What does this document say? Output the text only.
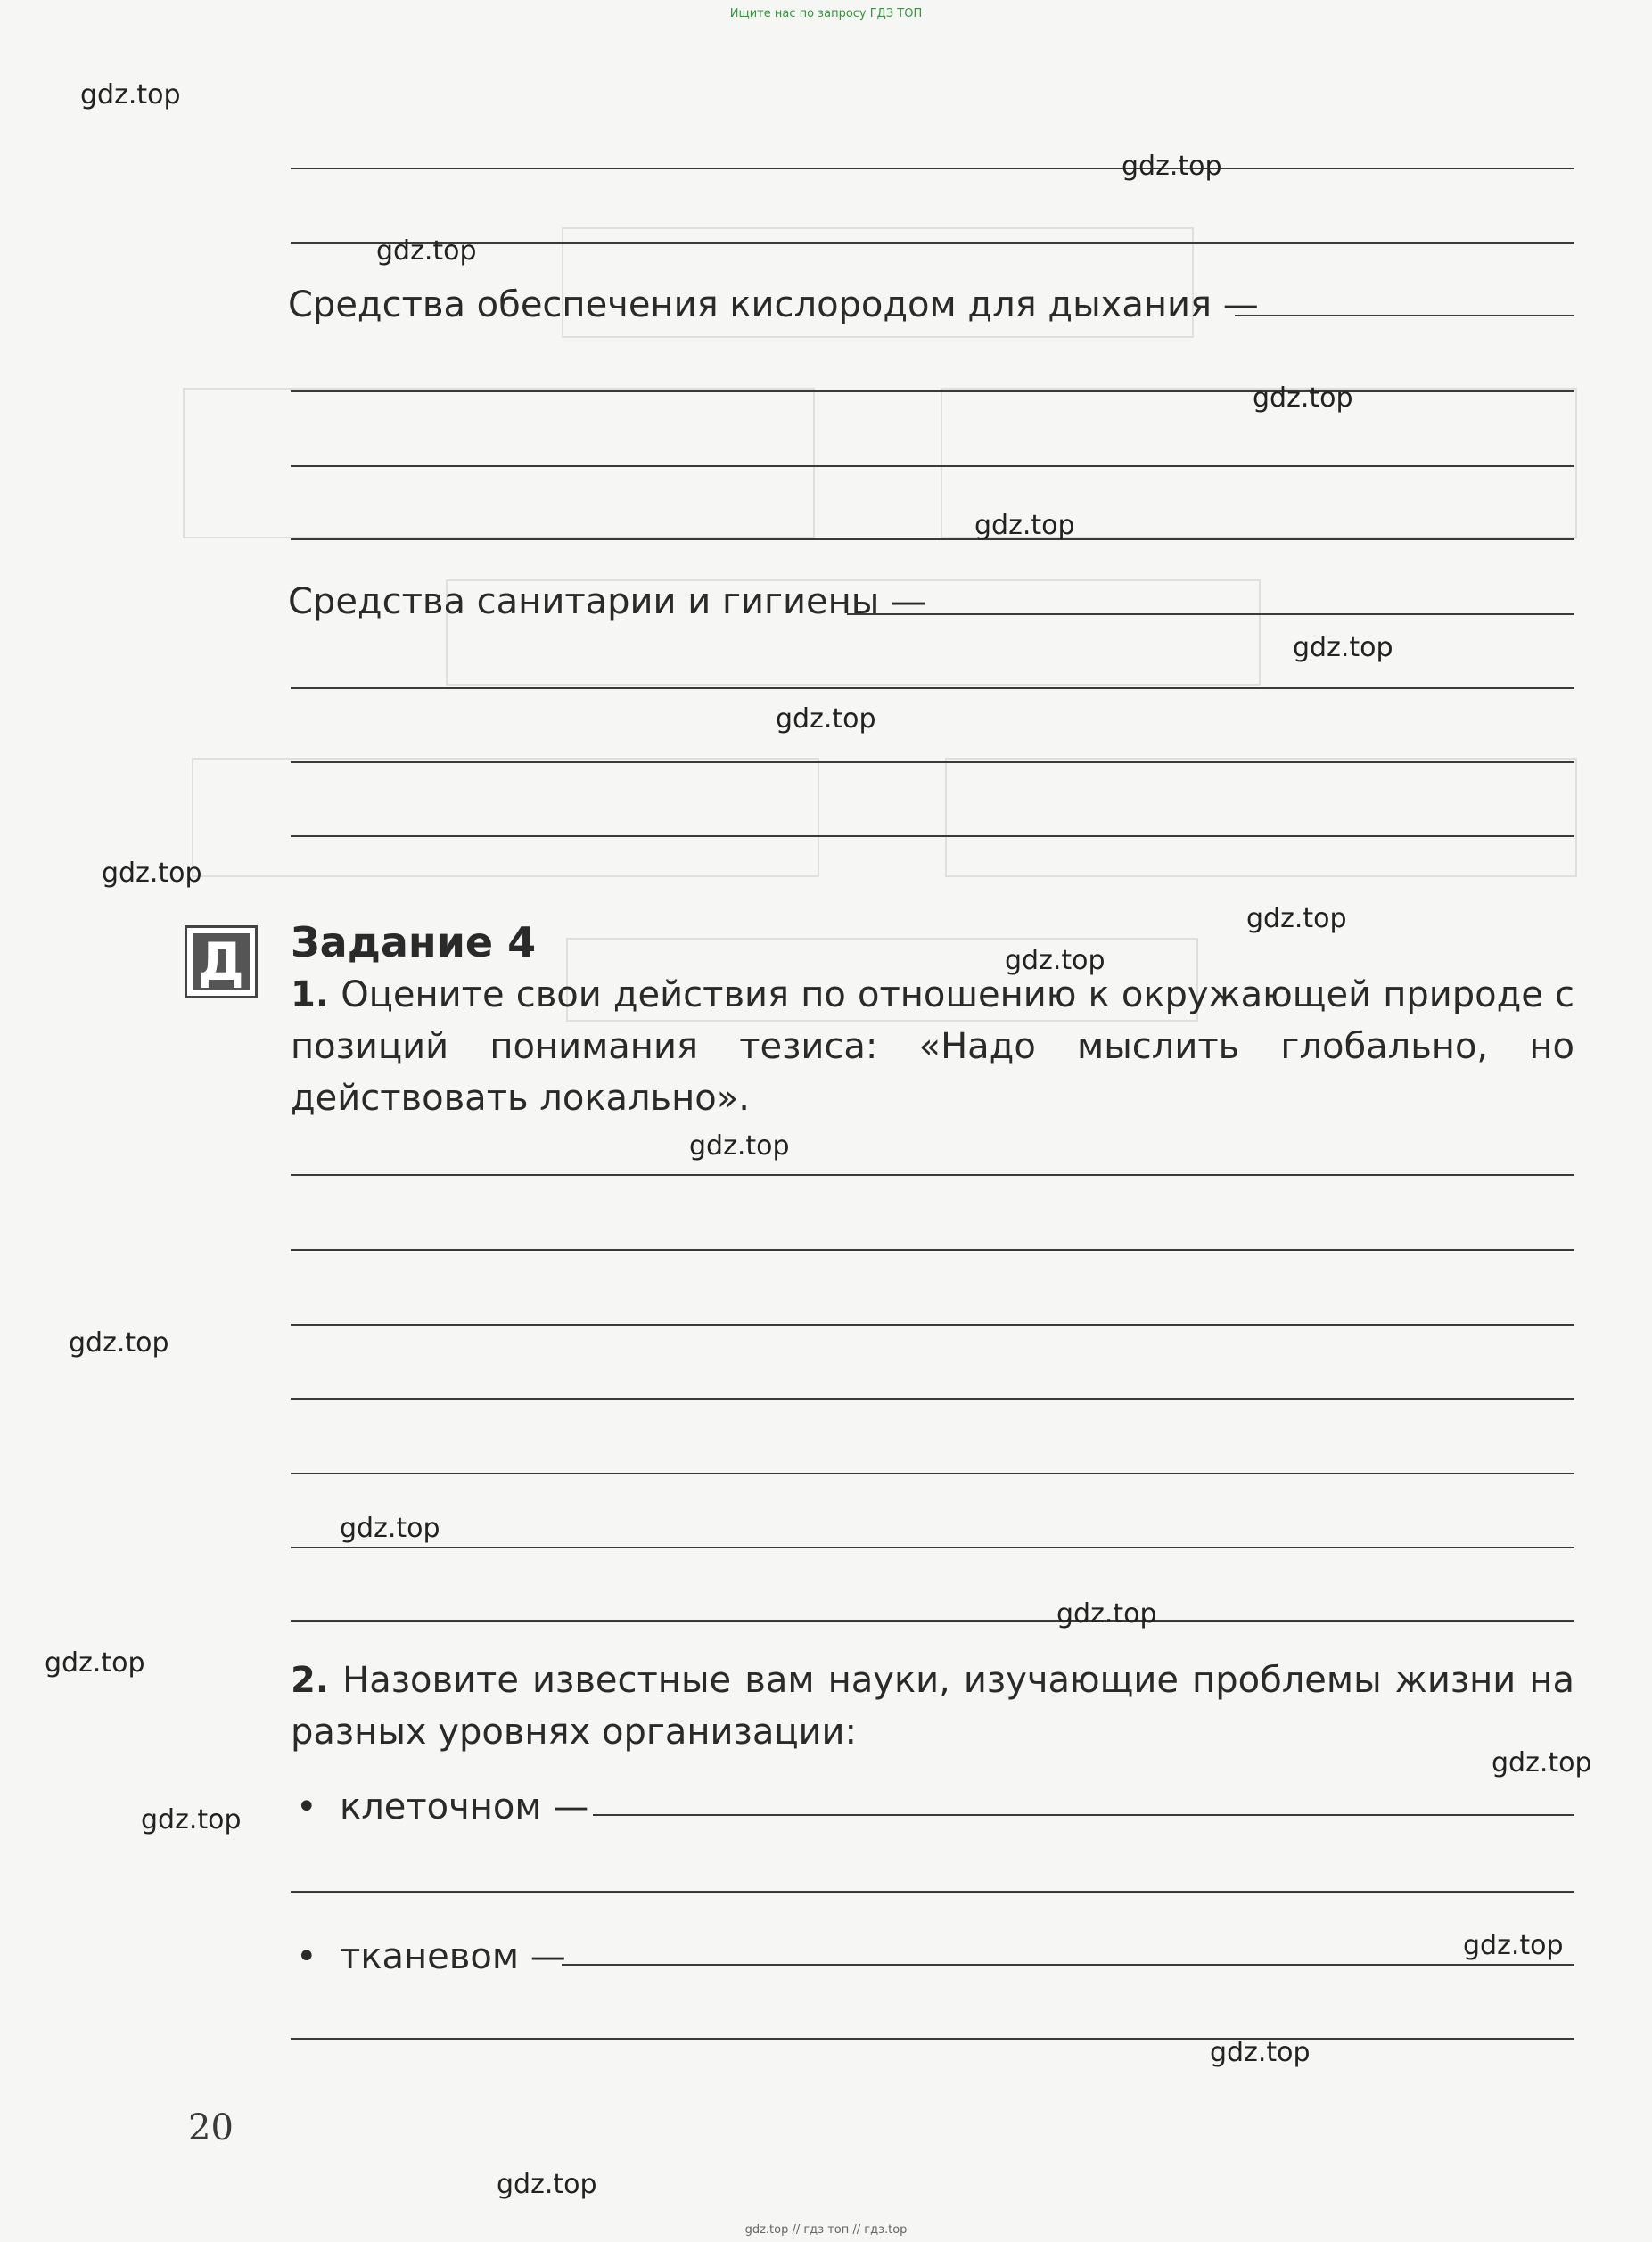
Ищите нас по запросу ГДЗ ТОП
gdz.top // гдз топ // гдз.top
Средства обеспечения кислородом для дыхания —
Средства санитарии и гигиены —
Д Задание 4
1. Оцените свои действия по отношению к окружающей природе с позиций понимания тезиса: «Надо мыслить глобально, но действовать локально».
2. Назовите известные вам науки, изучающие проблемы жизни на разных уровнях организации:
•  клеточном —
•  тканевом —
20
gdz.top
gdz.top
gdz.top
gdz.top
gdz.top
gdz.top
gdz.top
gdz.top
gdz.top
gdz.top
gdz.top
gdz.top
gdz.top
gdz.top
gdz.top
gdz.top
gdz.top
gdz.top
gdz.top
gdz.top
